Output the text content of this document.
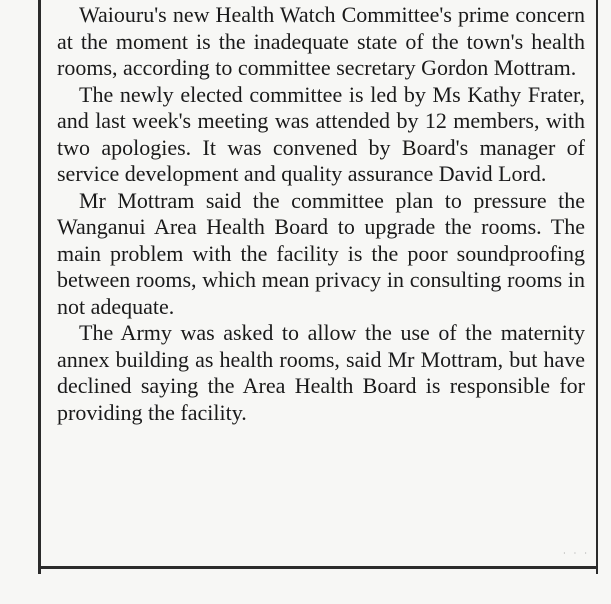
Waiouru's new Health Watch Committee's prime concern at the moment is the inadequate state of the town's health rooms, according to committee secretary Gordon Mottram.

The newly elected committee is led by Ms Kathy Frater, and last week's meeting was attended by 12 members, with two apologies. It was convened by Board's manager of service development and quality assurance David Lord.

Mr Mottram said the committee plan to pressure the Wanganui Area Health Board to upgrade the rooms. The main problem with the facility is the poor soundproofing between rooms, which mean privacy in consulting rooms in not adequate.

The Army was asked to allow the use of the maternity annex building as health rooms, said Mr Mottram, but have declined saying the Area Health Board is responsible for providing the facility.

· · ·
